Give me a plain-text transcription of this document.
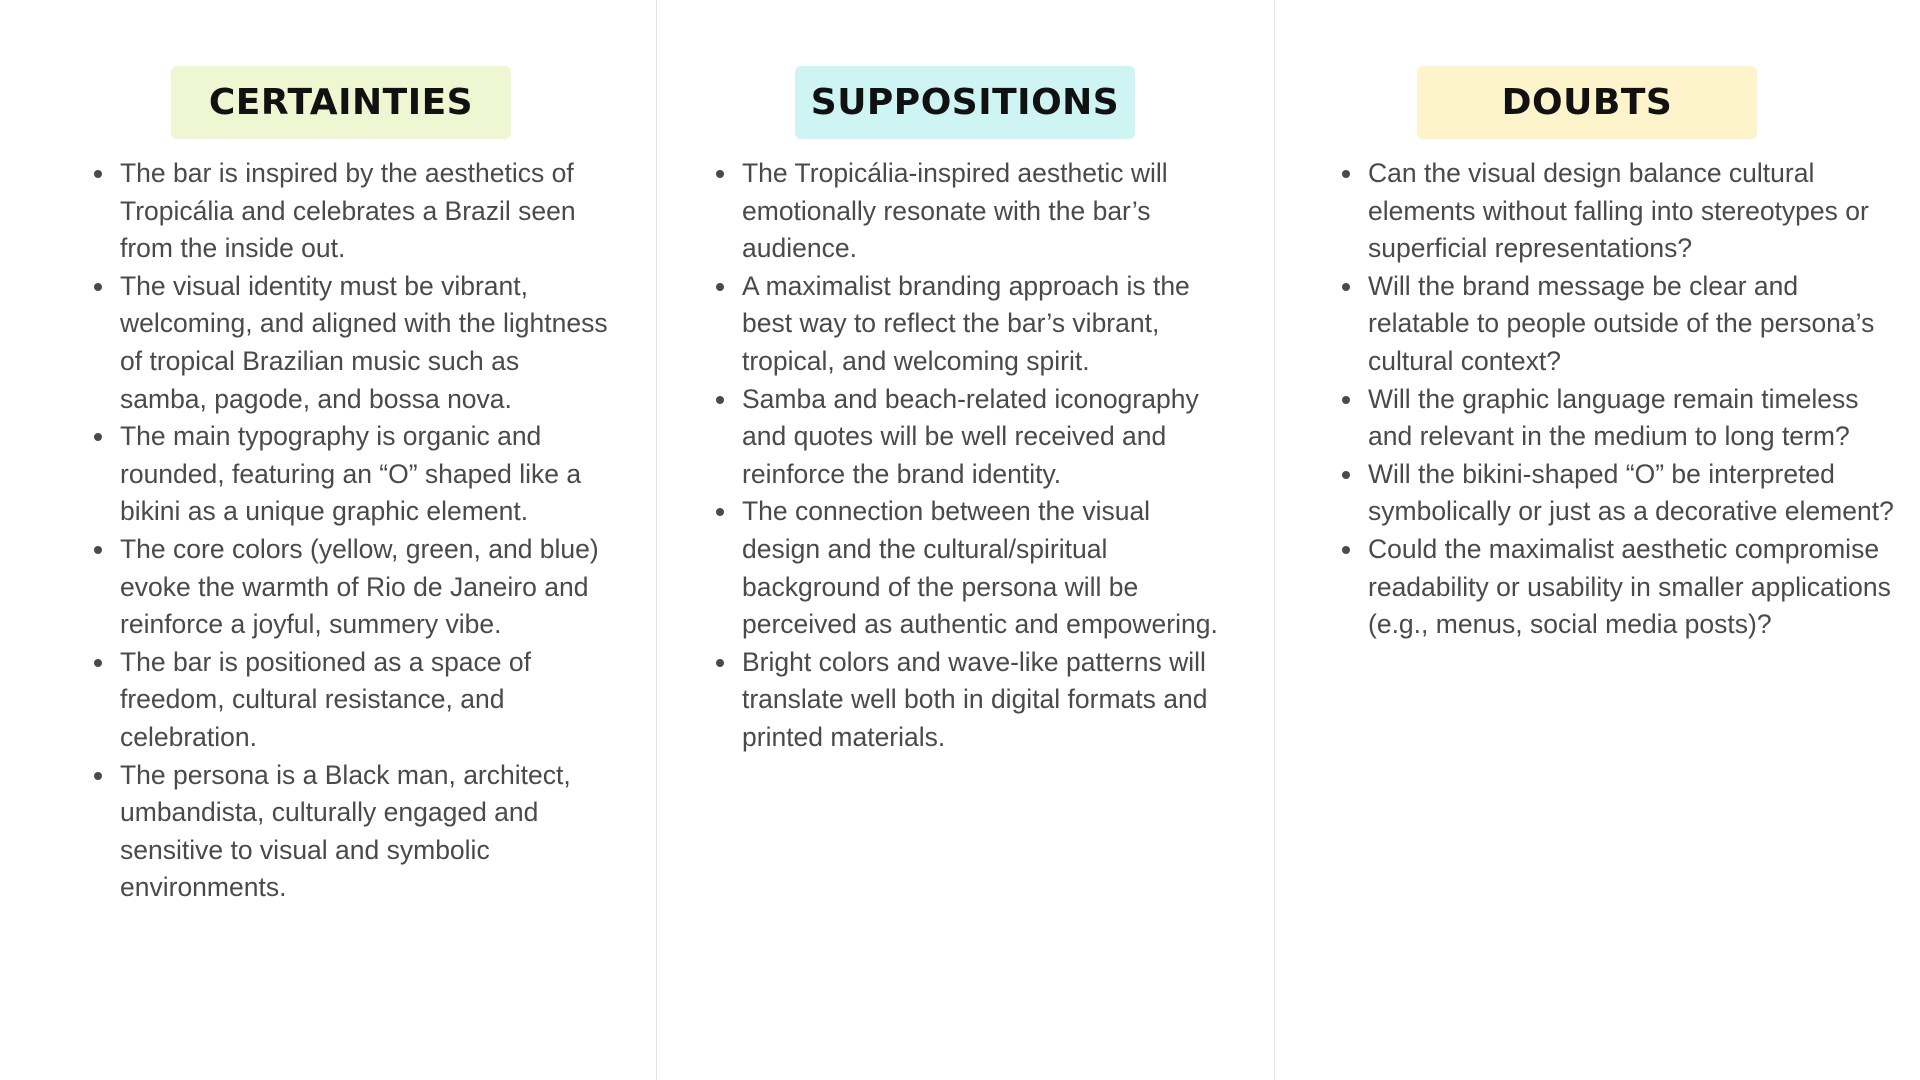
CERTAINTIES
The bar is inspired by the aesthetics of Tropicália and celebrates a Brazil seen from the inside out.
The visual identity must be vibrant, welcoming, and aligned with the lightness of tropical Brazilian music such as samba, pagode, and bossa nova.
The main typography is organic and rounded, featuring an “O” shaped like a bikini as a unique graphic element.
The core colors (yellow, green, and blue) evoke the warmth of Rio de Janeiro and reinforce a joyful, summery vibe.
The bar is positioned as a space of freedom, cultural resistance, and celebration.
The persona is a Black man, architect, umbandista, culturally engaged and sensitive to visual and symbolic environments.
SUPPOSITIONS
The Tropicália-inspired aesthetic will emotionally resonate with the bar’s audience.
A maximalist branding approach is the best way to reflect the bar’s vibrant, tropical, and welcoming spirit.
Samba and beach-related iconography and quotes will be well received and reinforce the brand identity.
The connection between the visual design and the cultural/spiritual background of the persona will be perceived as authentic and empowering.
Bright colors and wave-like patterns will translate well both in digital formats and printed materials.
DOUBTS
Can the visual design balance cultural elements without falling into stereotypes or superficial representations?
Will the brand message be clear and relatable to people outside of the persona’s cultural context?
Will the graphic language remain timeless and relevant in the medium to long term?
Will the bikini-shaped “O” be interpreted symbolically or just as a decorative element?
Could the maximalist aesthetic compromise readability or usability in smaller applications (e.g., menus, social media posts)?
